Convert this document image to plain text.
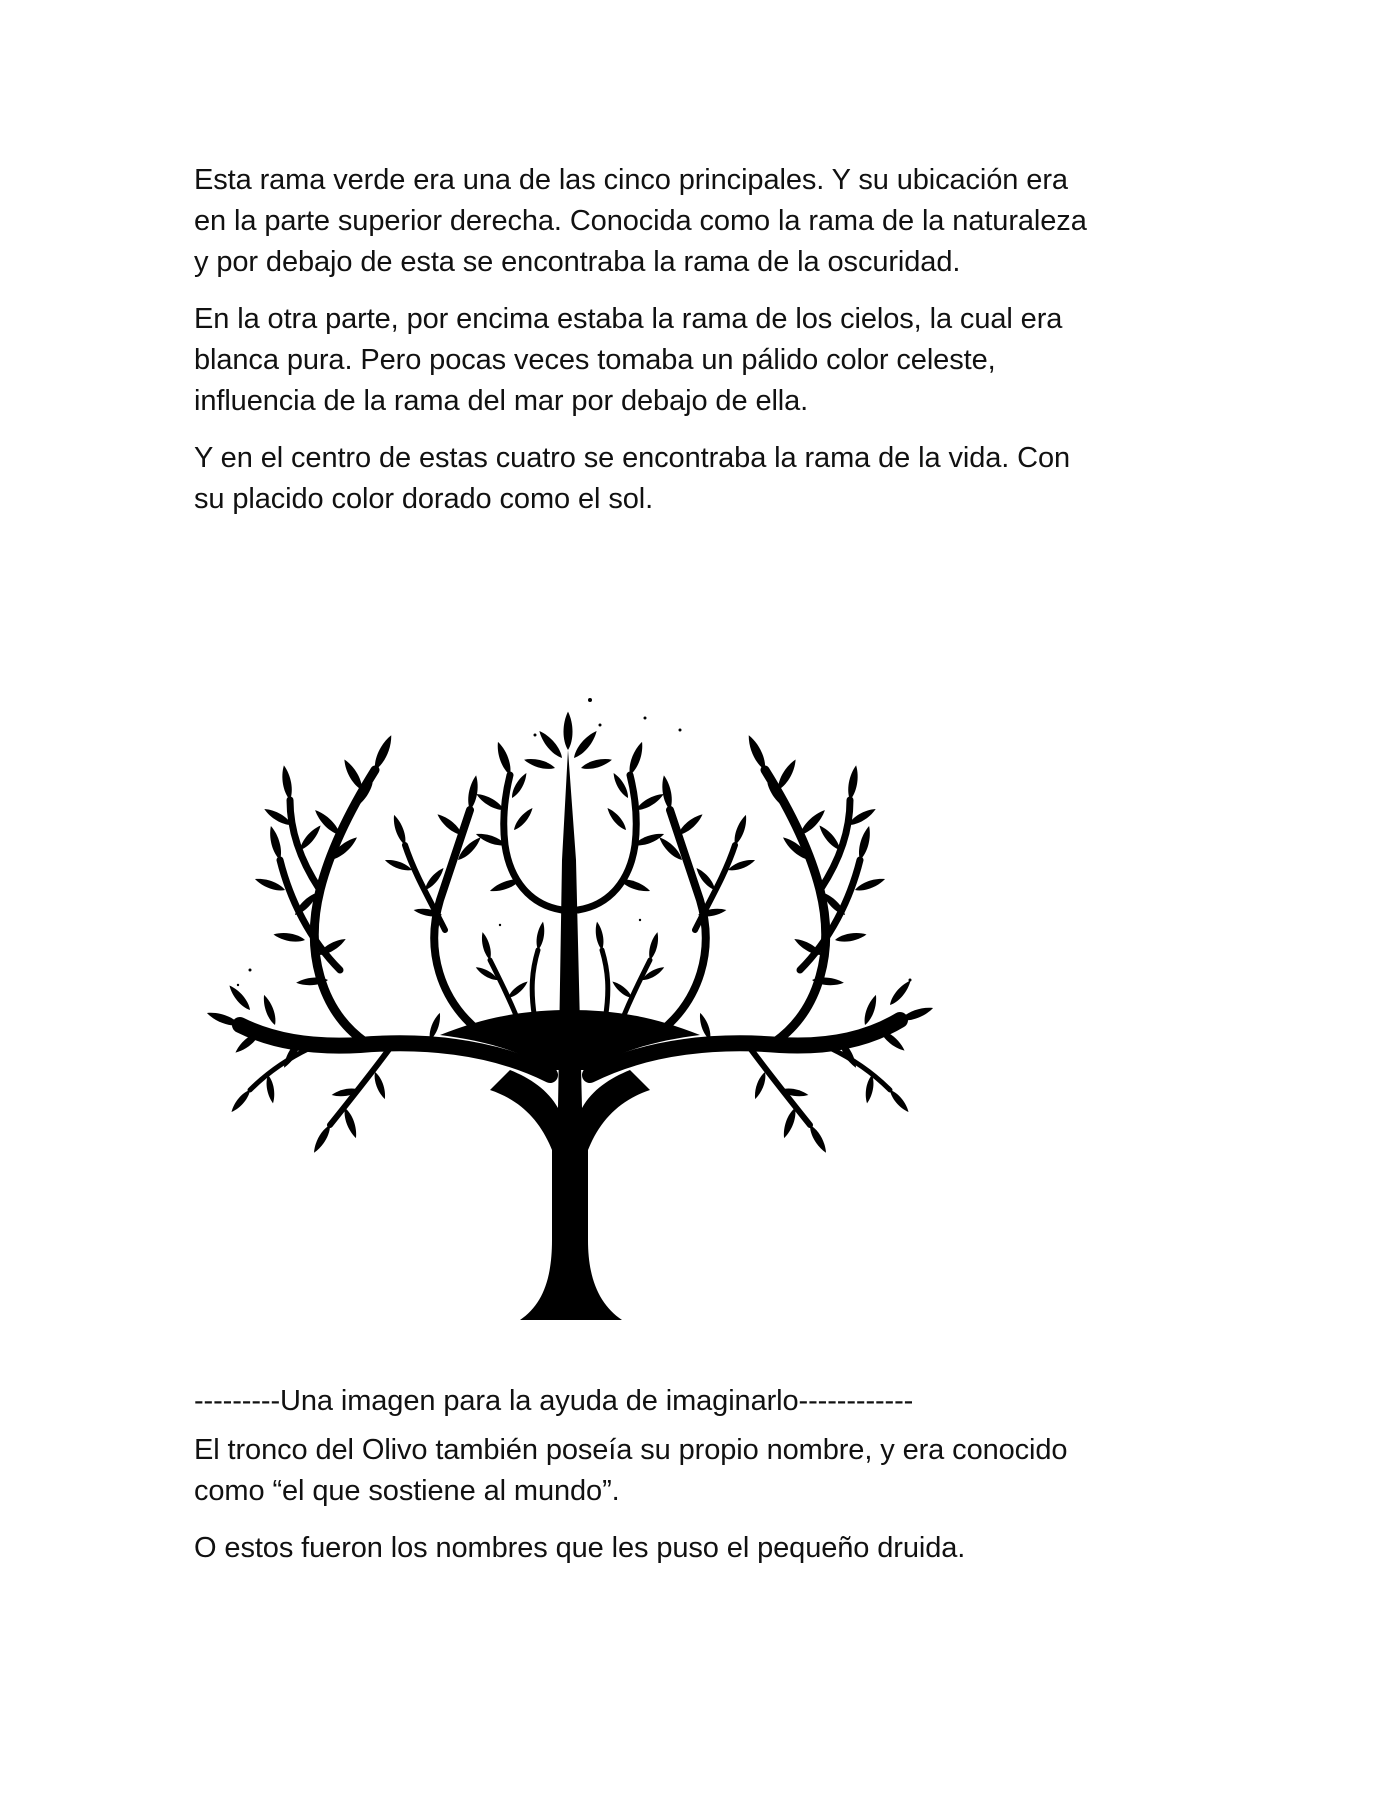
Esta rama verde era una de las cinco principales. Y su ubicación era
en la parte superior derecha. Conocida como la rama de la naturaleza
y por debajo de esta se encontraba la rama de la oscuridad.

En la otra parte, por encima estaba la rama de los cielos, la cual era
blanca pura. Pero pocas veces tomaba un pálido color celeste,
influencia de la rama del mar por debajo de ella.

Y en el centro de estas cuatro se encontraba la rama de la vida. Con
su placido color dorado como el sol.

---------Una imagen para la ayuda de imaginarlo------------

El tronco del Olivo también poseía su propio nombre, y era conocido
como “el que sostiene al mundo”.

O estos fueron los nombres que les puso el pequeño druida.
